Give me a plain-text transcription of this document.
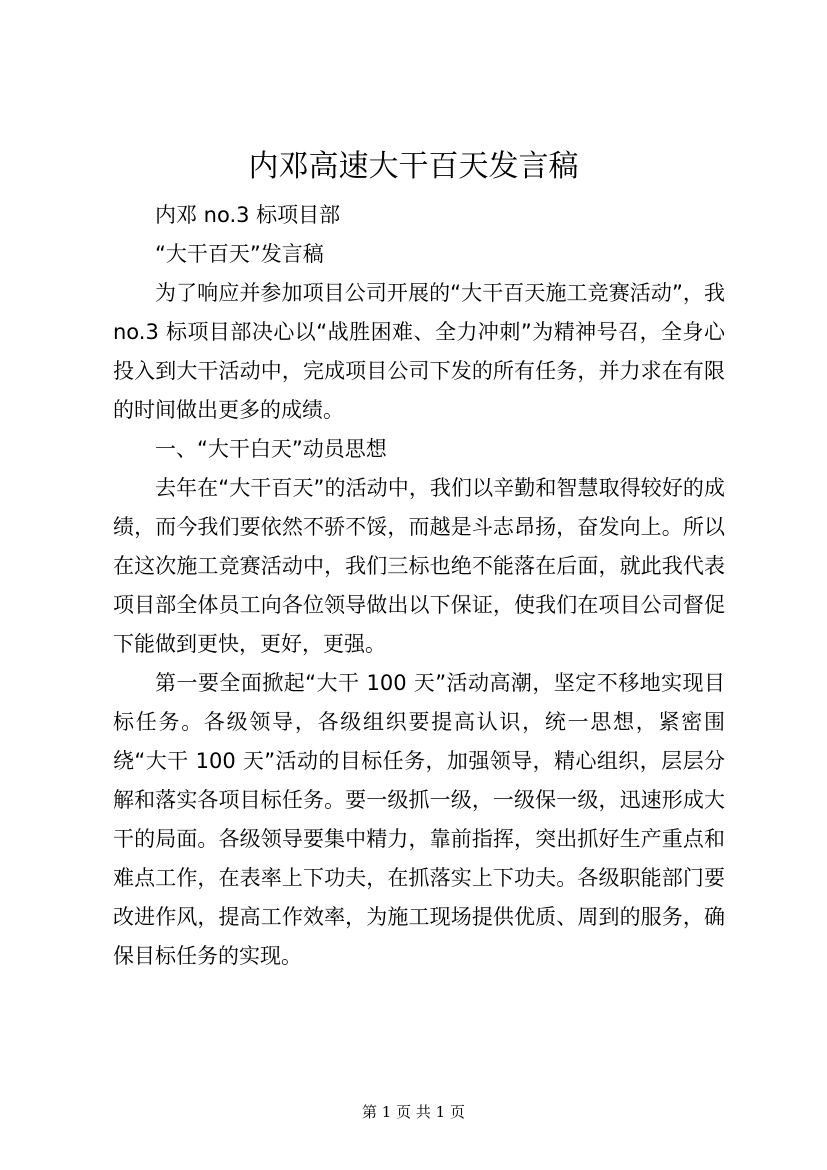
内邓高速大干百天发言稿

内邓 no.3 标项目部

“大干百天”发言稿

为了响应并参加项目公司开展的“大干百天施工竞赛活动”，我 no.3 标项目部决心以“战胜困难、全力冲刺”为精神号召，全身心投入到大干活动中，完成项目公司下发的所有任务，并力求在有限的时间做出更多的成绩。

一、“大干白天”动员思想

去年在“大干百天”的活动中，我们以辛勤和智慧取得较好的成绩，而今我们要依然不骄不馁，而越是斗志昂扬，奋发向上。所以在这次施工竞赛活动中，我们三标也绝不能落在后面，就此我代表项目部全体员工向各位领导做出以下保证，使我们在项目公司督促下能做到更快，更好，更强。

第一要全面掀起“大干 100 天”活动高潮，坚定不移地实现目标任务。各级领导，各级组织要提高认识，统一思想，紧密围绕“大干 100 天”活动的目标任务，加强领导，精心组织，层层分解和落实各项目标任务。要一级抓一级，一级保一级，迅速形成大干的局面。各级领导要集中精力，靠前指挥，突出抓好生产重点和难点工作，在表率上下功夫，在抓落实上下功夫。各级职能部门要改进作风，提高工作效率，为施工现场提供优质、周到的服务，确保目标任务的实现。

第 1 页 共 1 页
